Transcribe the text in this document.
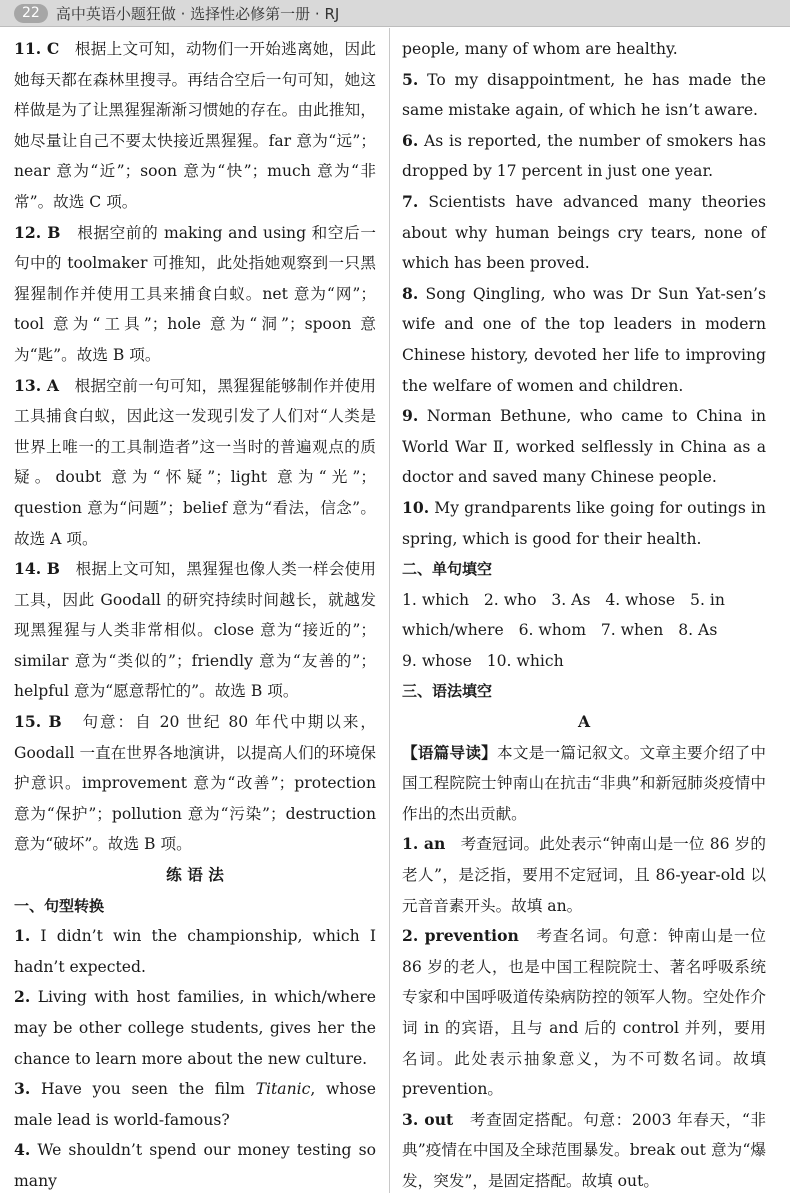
22	高中英语小题狂做 · 选择性必修第一册 · RJ

11. C 根据上文可知，动物们一开始逃离她，因此她每天都在森林里搜寻。再结合空后一句可知，她这样做是为了让黑猩猩渐渐习惯她的存在。由此推知，她尽量让自己不要太快接近黑猩猩。far 意为“远”；near 意为“近”；soon 意为“快”；much 意为“非常”。故选 C 项。

12. B 根据空前的 making and using 和空后一句中的 toolmaker 可推知，此处指她观察到一只黑猩猩制作并使用工具来捕食白蚁。net 意为“网”；tool 意为“工具”；hole 意为“洞”；spoon 意为“匙”。故选 B 项。

13. A 根据空前一句可知，黑猩猩能够制作并使用工具捕食白蚁，因此这一发现引发了人们对“人类是世界上唯一的工具制造者”这一当时的普遍观点的质疑。doubt 意为“怀疑”；light 意为“光”；question 意为“问题”；belief 意为“看法，信念”。故选 A 项。

14. B 根据上文可知，黑猩猩也像人类一样会使用工具，因此 Goodall 的研究持续时间越长，就越发现黑猩猩与人类非常相似。close 意为“接近的”；similar 意为“类似的”；friendly 意为“友善的”；helpful 意为“愿意帮忙的”。故选 B 项。

15. B 句意：自 20 世纪 80 年代中期以来，Goodall 一直在世界各地演讲，以提高人们的环境保护意识。improvement 意为“改善”；protection 意为“保护”；pollution 意为“污染”；destruction 意为“破坏”。故选 B 项。

练 语 法

一、句型转换

1. I didn’t win the championship, which I hadn’t expected.

2. Living with host families, in which/where may be other college students, gives her the chance to learn more about the new culture.

3. Have you seen the film Titanic, whose male lead is world-famous?

4. We shouldn’t spend our money testing so many

people, many of whom are healthy.

5. To my disappointment, he has made the same mistake again, of which he isn’t aware.

6. As is reported, the number of smokers has dropped by 17 percent in just one year.

7. Scientists have advanced many theories about why human beings cry tears, none of which has been proved.

8. Song Qingling, who was Dr Sun Yat-sen’s wife and one of the top leaders in modern Chinese history, devoted her life to improving the welfare of women and children.

9. Norman Bethune, who came to China in World War Ⅱ, worked selflessly in China as a doctor and saved many Chinese people.

10. My grandparents like going for outings in spring, which is good for their health.

二、单句填空

1. which   2. who   3. As   4. whose   5. in

which/where   6. whom   7. when   8. As

9. whose   10. which

三、语法填空

A

【语篇导读】本文是一篇记叙文。文章主要介绍了中国工程院院士钟南山在抗击“非典”和新冠肺炎疫情中作出的杰出贡献。

1. an 考查冠词。此处表示“钟南山是一位 86 岁的老人”，是泛指，要用不定冠词，且 86-year-old 以元音音素开头。故填 an。

2. prevention 考查名词。句意：钟南山是一位 86 岁的老人，也是中国工程院院士、著名呼吸系统专家和中国呼吸道传染病防控的领军人物。空处作介词 in 的宾语，且与 and 后的 control 并列，要用名词。此处表示抽象意义，为不可数名词。故填 prevention。

3. out 考查固定搭配。句意：2003 年春天，“非典”疫情在中国及全球范围暴发。break out 意为“爆发，突发”，是固定搭配。故填 out。
